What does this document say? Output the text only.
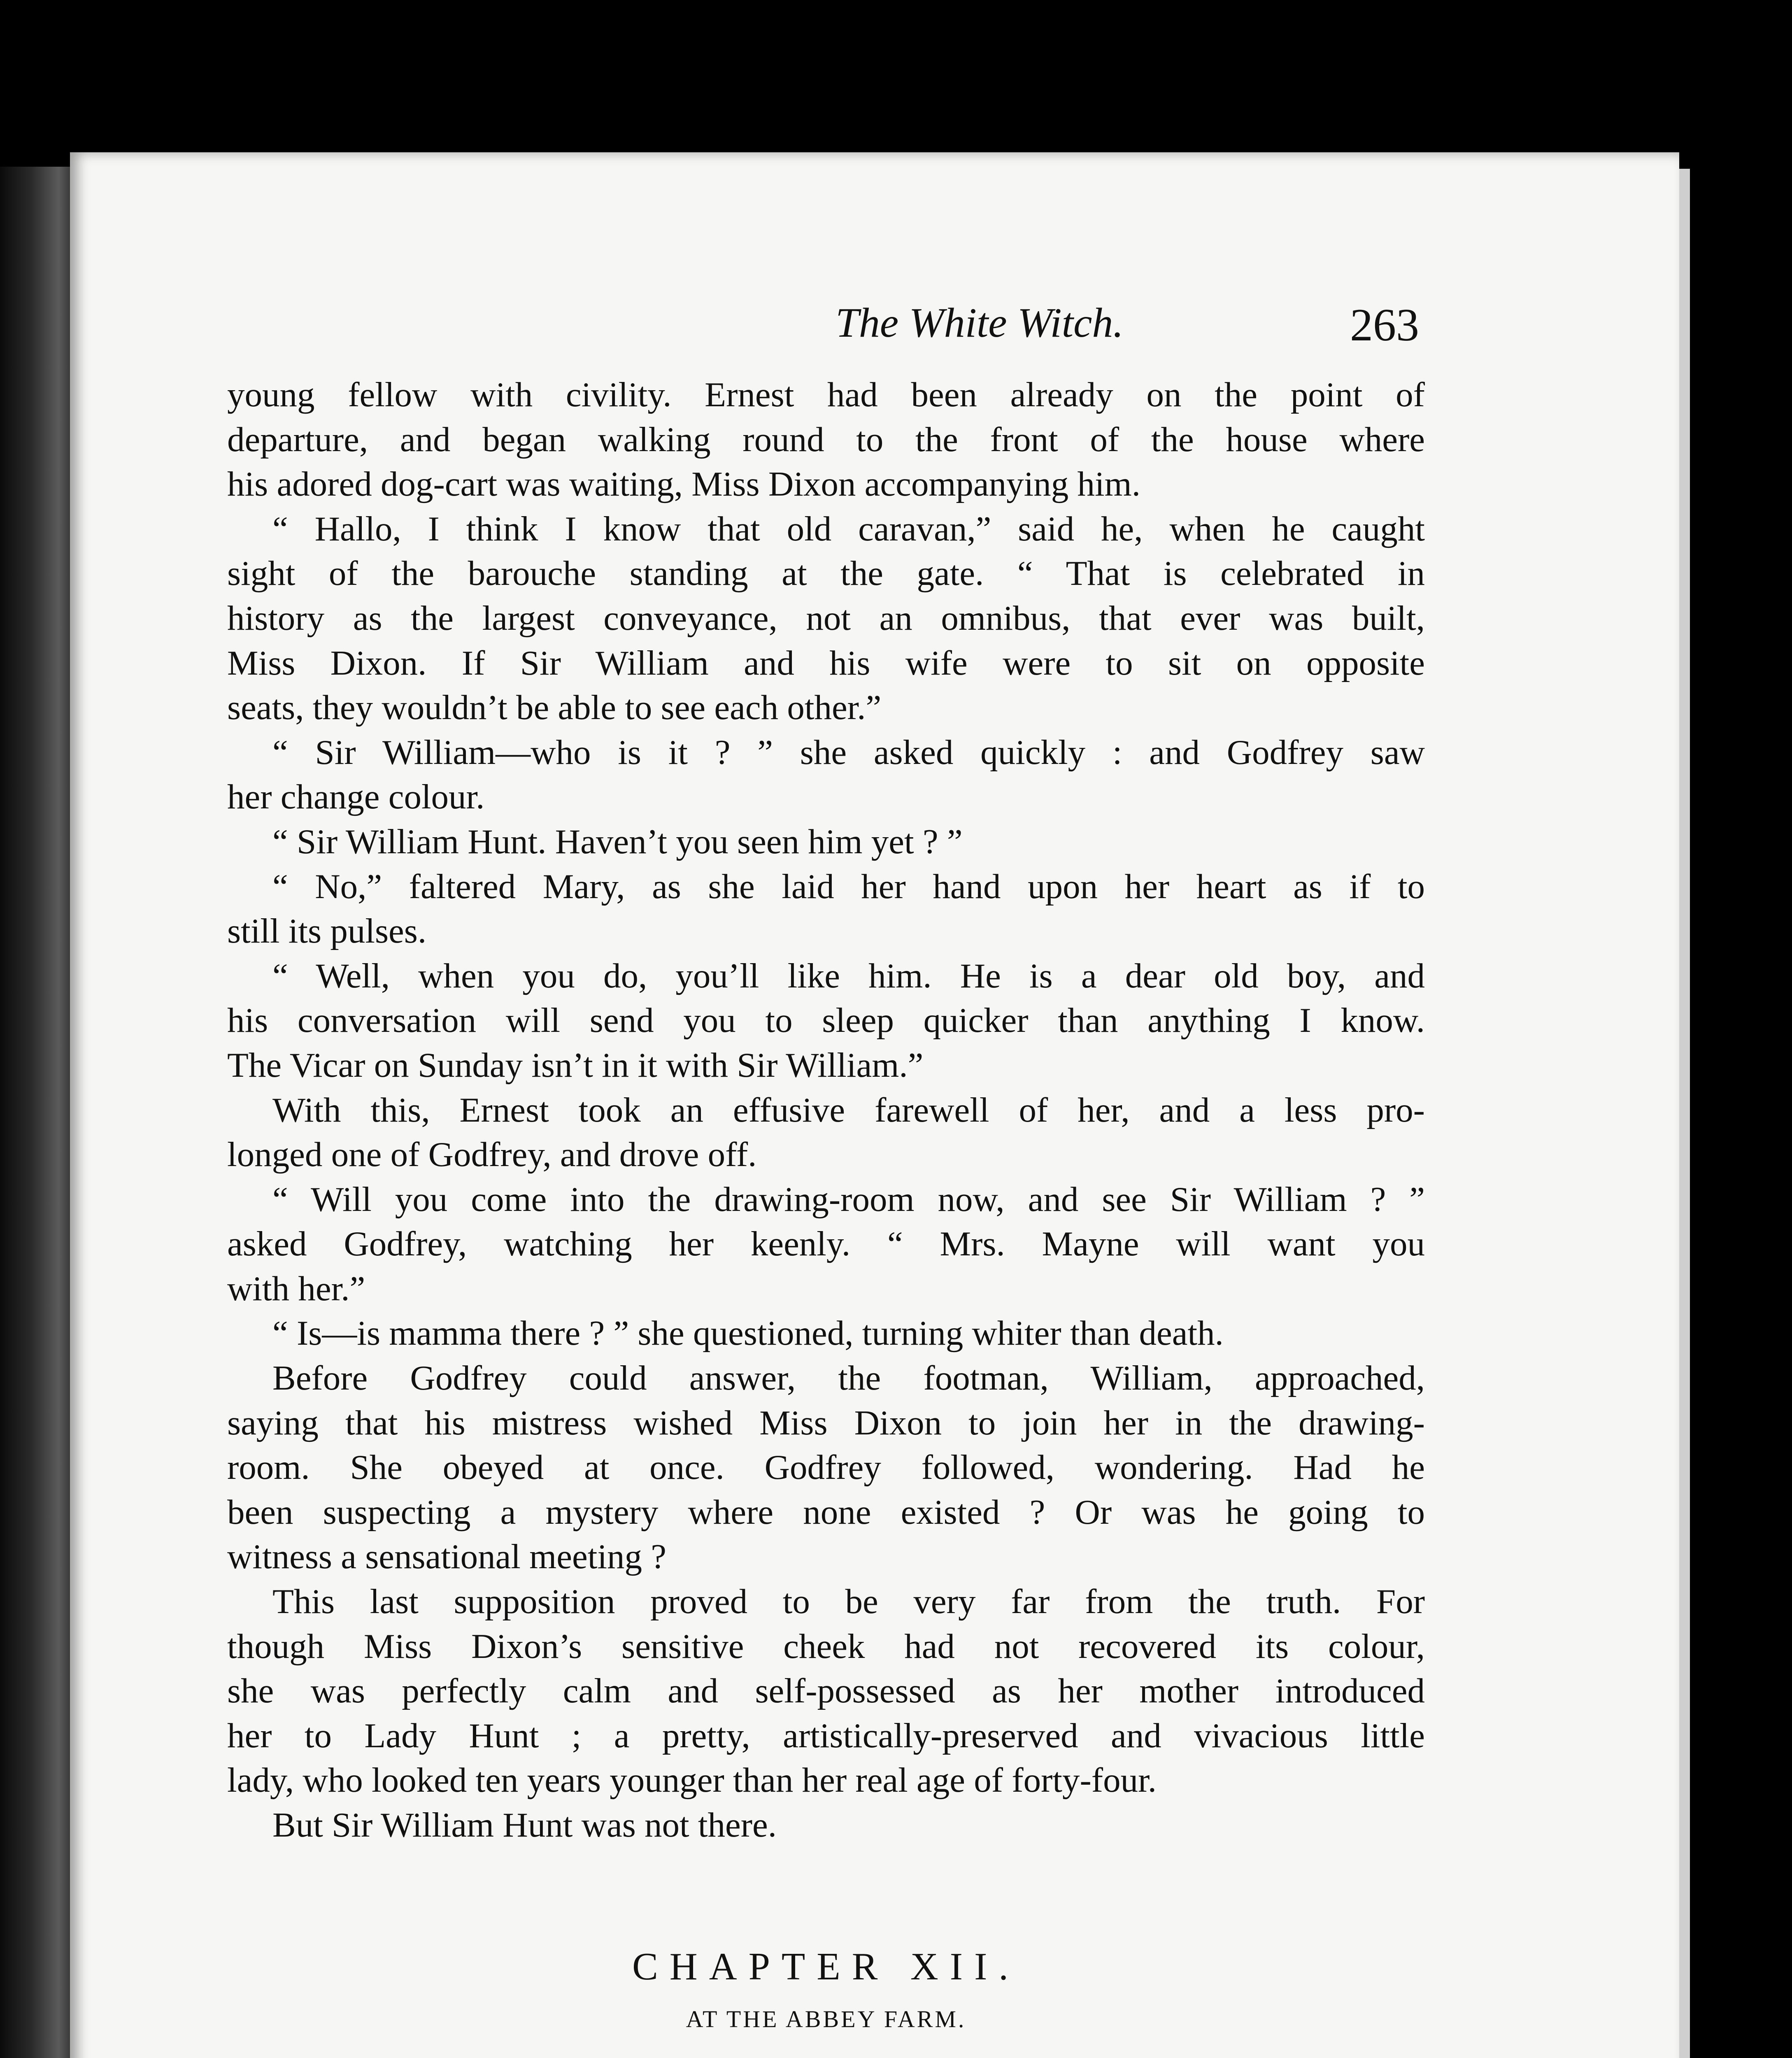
The White Witch.	263
young fellow with civility. Ernest had been already on the point of
departure, and began walking round to the front of the house where
his adored dog-cart was waiting, Miss Dixon accompanying him.
“ Hallo, I think I know that old caravan,” said he, when he caught
sight of the barouche standing at the gate. “ That is celebrated in
history as the largest conveyance, not an omnibus, that ever was built,
Miss Dixon. If Sir William and his wife were to sit on opposite
seats, they wouldn’t be able to see each other.”
“ Sir William—who is it ? ” she asked quickly : and Godfrey saw
her change colour.
“ Sir William Hunt. Haven’t you seen him yet ? ”
“ No,” faltered Mary, as she laid her hand upon her heart as if to
still its pulses.
“ Well, when you do, you’ll like him. He is a dear old boy, and
his conversation will send you to sleep quicker than anything I know.
The Vicar on Sunday isn’t in it with Sir William.”
With this, Ernest took an effusive farewell of her, and a less pro-
longed one of Godfrey, and drove off.
“ Will you come into the drawing-room now, and see Sir William ? ”
asked Godfrey, watching her keenly. “ Mrs. Mayne will want you
with her.”
“ Is—is mamma there ? ” she questioned, turning whiter than death.
Before Godfrey could answer, the footman, William, approached,
saying that his mistress wished Miss Dixon to join her in the drawing-
room. She obeyed at once. Godfrey followed, wondering. Had he
been suspecting a mystery where none existed ? Or was he going to
witness a sensational meeting ?
This last supposition proved to be very far from the truth. For
though Miss Dixon’s sensitive cheek had not recovered its colour,
she was perfectly calm and self-possessed as her mother introduced
her to Lady Hunt ; a pretty, artistically-preserved and vivacious little
lady, who looked ten years younger than her real age of forty-four.
But Sir William Hunt was not there.
CHAPTER XII.
AT THE ABBEY FARM.
